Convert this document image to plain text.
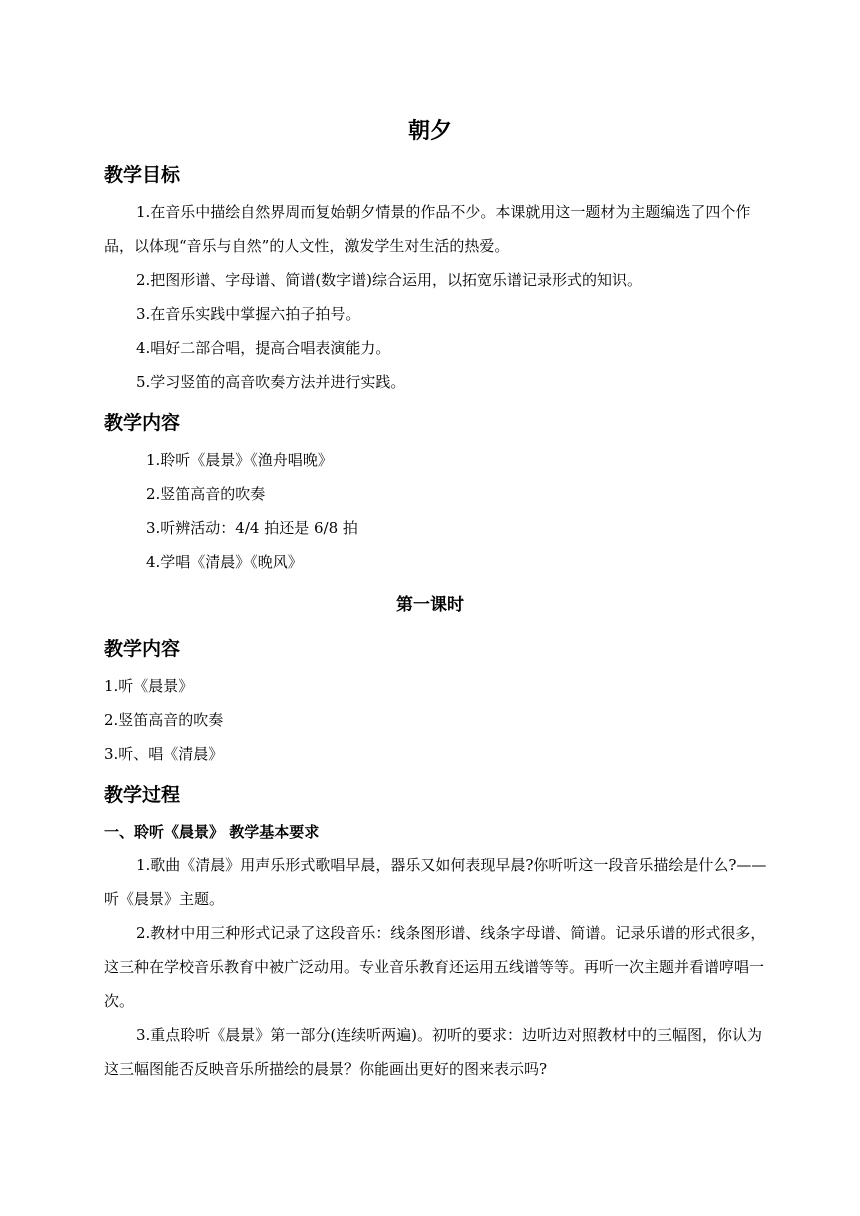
朝夕
教学目标
1.在音乐中描绘自然界周而复始朝夕情景的作品不少。本课就用这一题材为主题编选了四个作品，以体现“音乐与自然”的人文性，激发学生对生活的热爱。
2.把图形谱、字母谱、简谱(数字谱)综合运用，以拓宽乐谱记录形式的知识。
3.在音乐实践中掌握六拍子拍号。
4.唱好二部合唱，提高合唱表演能力。
5.学习竖笛的高音吹奏方法并进行实践。
教学内容
1.聆听《晨景》《渔舟唱晚》
2.竖笛高音的吹奏
3.听辨活动：4/4 拍还是 6/8 拍
4.学唱《清晨》《晚风》
第一课时
教学内容
1.听《晨景》
2.竖笛高音的吹奏
3.听、唱《清晨》
教学过程
一、聆听《晨景》 教学基本要求
1.歌曲《清晨》用声乐形式歌唱早晨，器乐又如何表现早晨?你听听这一段音乐描绘是什么?——听《晨景》主题。
2.教材中用三种形式记录了这段音乐：线条图形谱、线条字母谱、简谱。记录乐谱的形式很多，这三种在学校音乐教育中被广泛动用。专业音乐教育还运用五线谱等等。再听一次主题并看谱哼唱一次。
3.重点聆听《晨景》第一部分(连续听两遍)。初听的要求：边听边对照教材中的三幅图，你认为这三幅图能否反映音乐所描绘的晨景？你能画出更好的图来表示吗?
